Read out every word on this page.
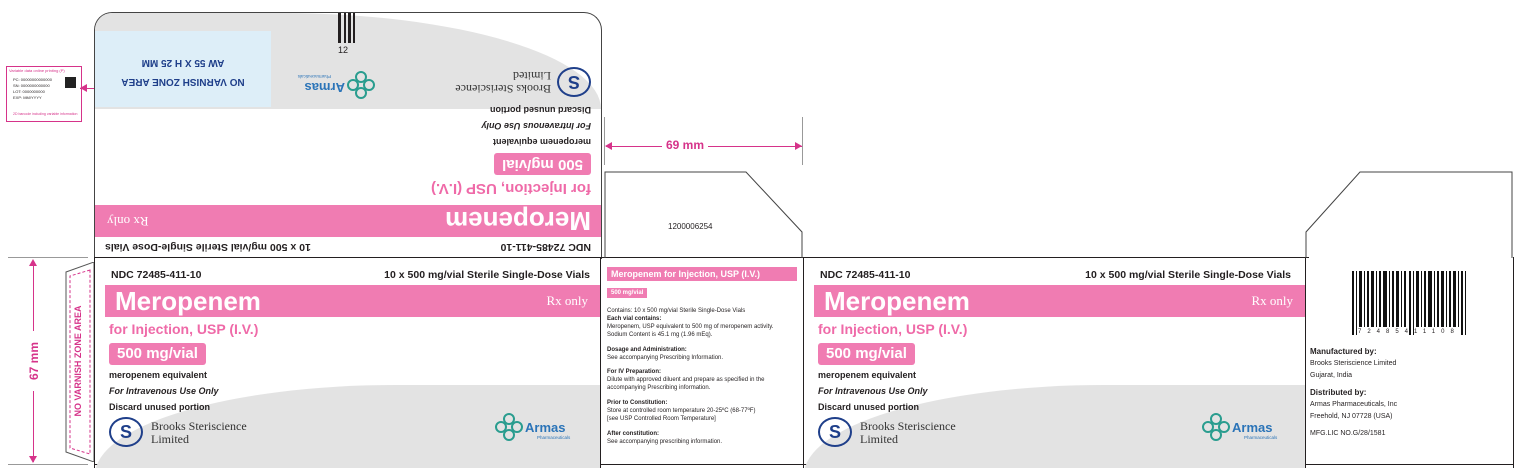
Variable data online printing (P)
PC: 00000000000000
SN: 0000000000000
LOT: 0000000000
EXP: MM/YYYY
2D barcode including variable information
NDC 72485-411-10
10 x 500 mg/vial Sterile Single-Dose Vials
Meropenem
Rx only
for Injection, USP (I.V.)
500 mg/vial
meropenem equivalent
For Intravenous Use Only
Discard unused portion
S
Brooks Steriscience
Limited
Armas
Pharmaceuticals
NO VARNISH ZONE AREA
AW 55 X H 25 MM
12
69 mm
67 mm	NO VARNISH ZONE AREA
1200006254
NDC 72485-411-10	10 x 500 mg/vial Sterile Single-Dose Vials
Meropenem	Rx only
for Injection, USP (I.V.)
500 mg/vial
meropenem equivalent
For Intravenous Use Only
Discard unused portion
S	Brooks Steriscience
Limited
Armas
Pharmaceuticals
Meropenem for Injection, USP (I.V.)
500 mg/vial
Contains: 10 x 500 mg/vial Sterile Single-Dose Vials
Each vial contains:
Meropenem, USP equivalent to 500 mg of meropenem activity.
Sodium Content is 45.1 mg (1.96 mEq).
Dosage and Administration:
See accompanying Prescribing Information.
For IV Preparation:
Dilute with approved diluent and prepare as specified in the
accompanying Prescribing information.
Prior to Constitution:
Store at controlled room temperature 20-25ºC (68-77ºF)
[see USP Controlled Room Temperature]
After constitution:
See accompanying prescribing information.
NDC 72485-411-10	10 x 500 mg/vial Sterile Single-Dose Vials
Meropenem	Rx only
for Injection, USP (I.V.)
500 mg/vial
meropenem equivalent
For Intravenous Use Only
Discard unused portion
S	Brooks Steriscience
Limited
Armas
Pharmaceuticals
72485411108
Manufactured by:
Brooks Steriscience Limited
Gujarat, India
Distributed by:
Armas Pharmaceuticals, Inc
Freehold, NJ 07728 (USA)
MFG.LIC NO.G/28/1581
